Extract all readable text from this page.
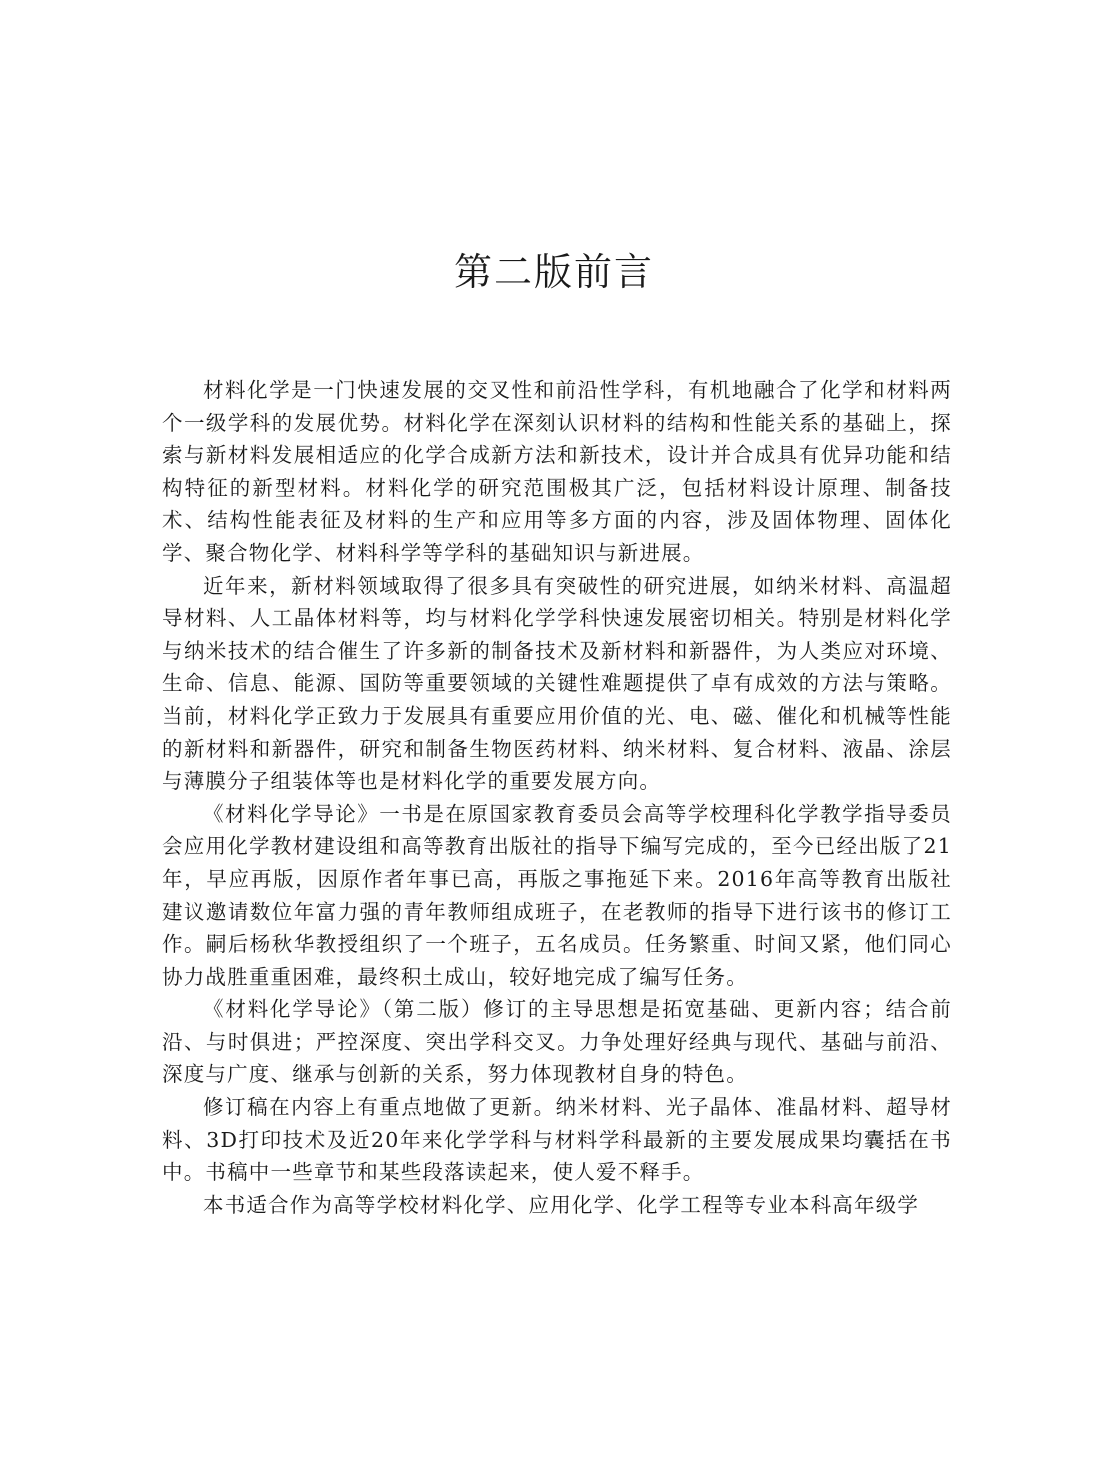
第二版前言

材料化学是一门快速发展的交叉性和前沿性学科，有机地融合了化学和材料两个一级学科的发展优势。材料化学在深刻认识材料的结构和性能关系的基础上，探索与新材料发展相适应的化学合成新方法和新技术，设计并合成具有优异功能和结构特征的新型材料。材料化学的研究范围极其广泛，包括材料设计原理、制备技术、结构性能表征及材料的生产和应用等多方面的内容，涉及固体物理、固体化学、聚合物化学、材料科学等学科的基础知识与新进展。

近年来，新材料领域取得了很多具有突破性的研究进展，如纳米材料、高温超导材料、人工晶体材料等，均与材料化学学科快速发展密切相关。特别是材料化学与纳米技术的结合催生了许多新的制备技术及新材料和新器件，为人类应对环境、生命、信息、能源、国防等重要领域的关键性难题提供了卓有成效的方法与策略。当前，材料化学正致力于发展具有重要应用价值的光、电、磁、催化和机械等性能的新材料和新器件，研究和制备生物医药材料、纳米材料、复合材料、液晶、涂层与薄膜分子组装体等也是材料化学的重要发展方向。

《材料化学导论》一书是在原国家教育委员会高等学校理科化学教学指导委员会应用化学教材建设组和高等教育出版社的指导下编写完成的，至今已经出版了21年，早应再版，因原作者年事已高，再版之事拖延下来。2016年高等教育出版社建议邀请数位年富力强的青年教师组成班子，在老教师的指导下进行该书的修订工作。嗣后杨秋华教授组织了一个班子，五名成员。任务繁重、时间又紧，他们同心协力战胜重重困难，最终积土成山，较好地完成了编写任务。

《材料化学导论》（第二版）修订的主导思想是拓宽基础、更新内容；结合前沿、与时俱进；严控深度、突出学科交叉。力争处理好经典与现代、基础与前沿、深度与广度、继承与创新的关系，努力体现教材自身的特色。

修订稿在内容上有重点地做了更新。纳米材料、光子晶体、准晶材料、超导材料、3D打印技术及近20年来化学学科与材料学科最新的主要发展成果均囊括在书中。书稿中一些章节和某些段落读起来，使人爱不释手。

本书适合作为高等学校材料化学、应用化学、化学工程等专业本科高年级学
